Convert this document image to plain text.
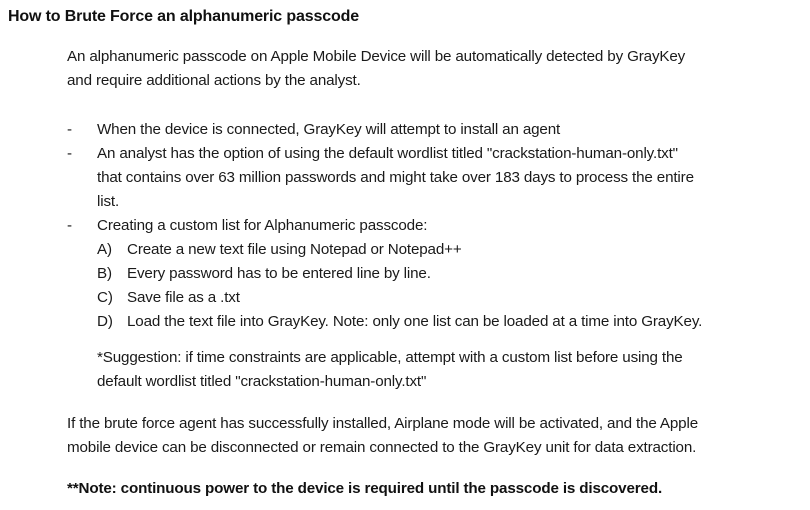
How to Brute Force an alphanumeric passcode
An alphanumeric passcode on Apple Mobile Device will be automatically detected by GrayKey
and require additional actions by the analyst.
- When the device is connected, GrayKey will attempt to install an agent
- An analyst has the option of using the default wordlist titled "crackstation-human-only.txt"
that contains over 63 million passwords and might take over 183 days to process the entire
list.
- Creating a custom list for Alphanumeric passcode:
A) Create a new text file using Notepad or Notepad++
B) Every password has to be entered line by line.
C) Save file as a .txt
D) Load the text file into GrayKey. Note: only one list can be loaded at a time into GrayKey.
*Suggestion: if time constraints are applicable, attempt with a custom list before using the
default wordlist titled "crackstation-human-only.txt"
If the brute force agent has successfully installed, Airplane mode will be activated, and the Apple
mobile device can be disconnected or remain connected to the GrayKey unit for data extraction.
**Note: continuous power to the device is required until the passcode is discovered.
